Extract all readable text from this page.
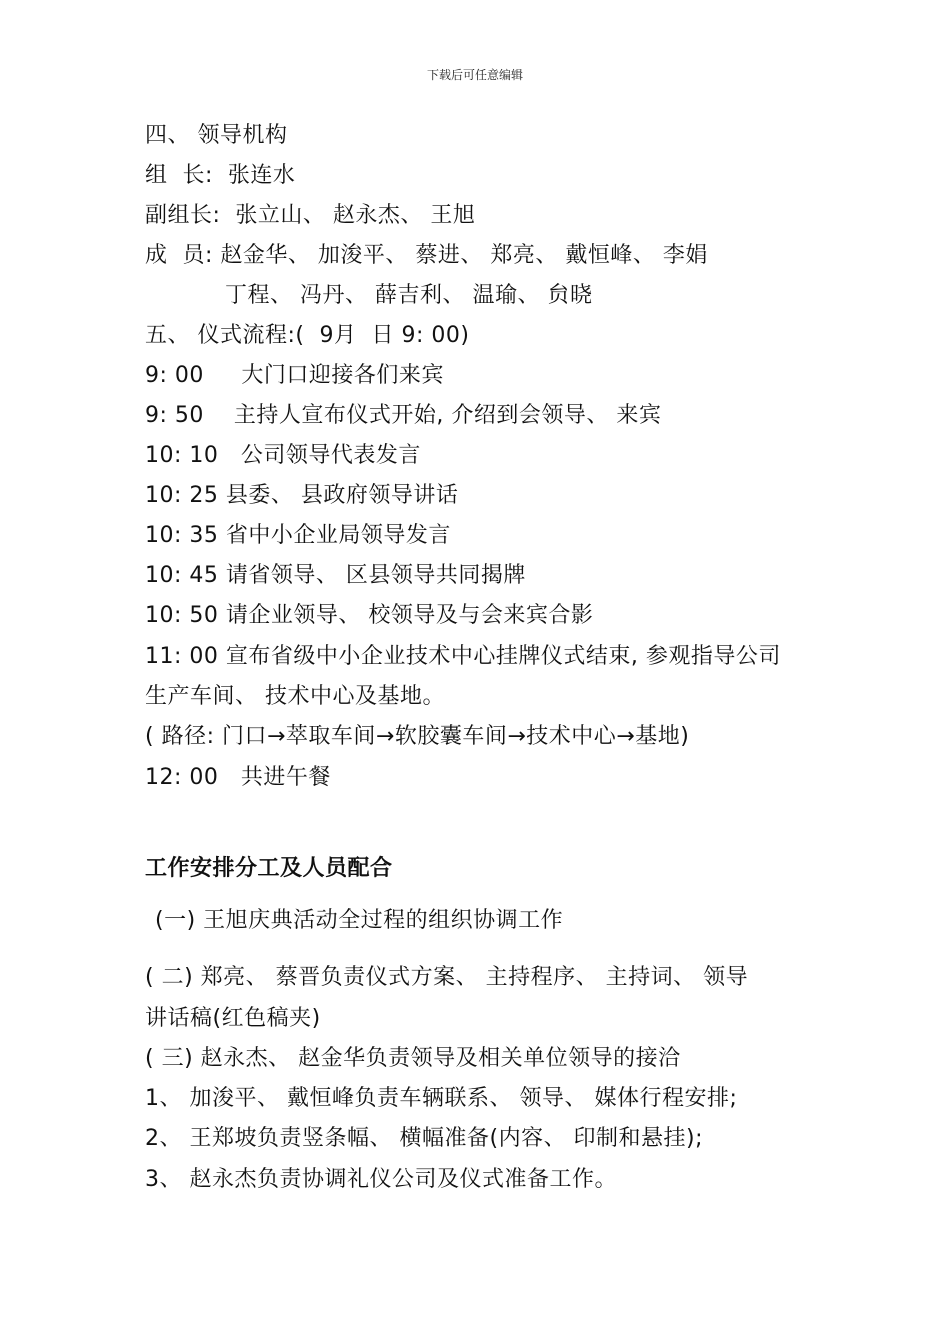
下载后可任意编辑
四、 领导机构
组  长:  张连水
副组长:  张立山、 赵永杰、 王旭
成  员: 赵金华、 加浚平、 蔡进、 郑亮、 戴恒峰、 李娟
丁程、 冯丹、 薛吉利、 温瑜、 贠晓
五、 仪式流程:(  9月  日 9: 00)
9: 00     大门口迎接各们来宾
9: 50    主持人宣布仪式开始, 介绍到会领导、 来宾
10: 10   公司领导代表发言
10: 25 县委、 县政府领导讲话
10: 35 省中小企业局领导发言
10: 45 请省领导、 区县领导共同揭牌
10: 50 请企业领导、 校领导及与会来宾合影
11: 00 宣布省级中小企业技术中心挂牌仪式结束, 参观指导公司
生产车间、 技术中心及基地。
( 路径: 门口→萃取车间→软胶囊车间→技术中心→基地)
12: 00   共进午餐
工作安排分工及人员配合
(一) 王旭庆典活动全过程的组织协调工作
( 二) 郑亮、 蔡晋负责仪式方案、 主持程序、 主持词、 领导
讲话稿(红色稿夹)
( 三) 赵永杰、 赵金华负责领导及相关单位领导的接洽
1、 加浚平、 戴恒峰负责车辆联系、 领导、 媒体行程安排;
2、 王郑坡负责竖条幅、 横幅准备(内容、 印制和悬挂);
3、 赵永杰负责协调礼仪公司及仪式准备工作。
